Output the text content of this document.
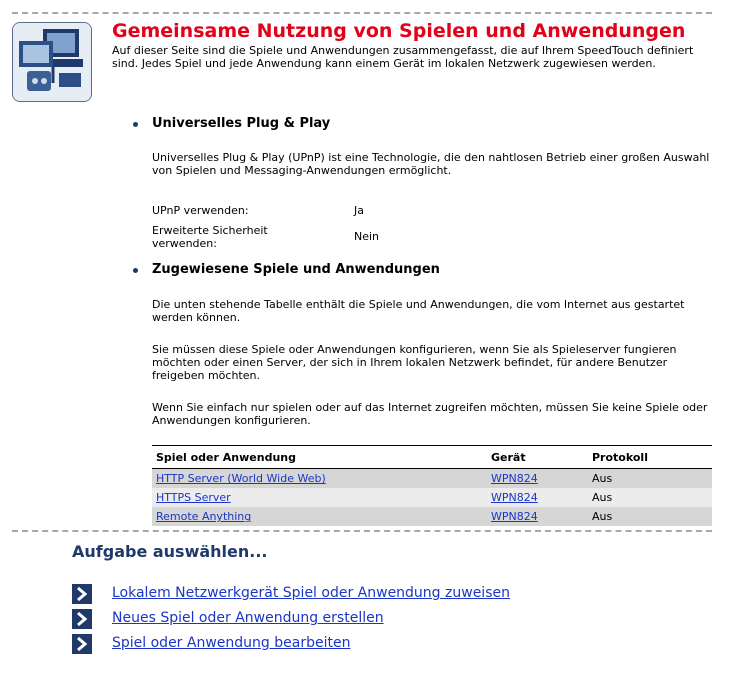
Gemeinsame Nutzung von Spielen und Anwendungen
Auf dieser Seite sind die Spiele und Anwendungen zusammengefasst, die auf Ihrem SpeedTouch definiert sind. Jedes Spiel und jede Anwendung kann einem Gerät im lokalen Netzwerk zugewiesen werden.
Universelles Plug & Play
Universelles Plug & Play (UPnP) ist eine Technologie, die den nahtlosen Betrieb einer großen Auswahl von Spielen und Messaging-Anwendungen ermöglicht.
UPnP verwenden:	Ja
Erweiterte Sicherheit verwenden:
Nein
Zugewiesene Spiele und Anwendungen
Die unten stehende Tabelle enthält die Spiele und Anwendungen, die vom Internet aus gestartet werden können.
Sie müssen diese Spiele oder Anwendungen konfigurieren, wenn Sie als Spieleserver fungieren möchten oder einen Server, der sich in Ihrem lokalen Netzwerk befindet, für andere Benutzer freigeben möchten.
Wenn Sie einfach nur spielen oder auf das Internet zugreifen möchten, müssen Sie keine Spiele oder Anwendungen konfigurieren.
Spiel oder Anwendung	Gerät	Protokoll
HTTP Server (World Wide Web)	WPN824	Aus
HTTPS Server	WPN824	Aus
Remote Anything	WPN824	Aus
Aufgabe auswählen...
Lokalem Netzwerkgerät Spiel oder Anwendung zuweisen
Neues Spiel oder Anwendung erstellen
Spiel oder Anwendung bearbeiten
